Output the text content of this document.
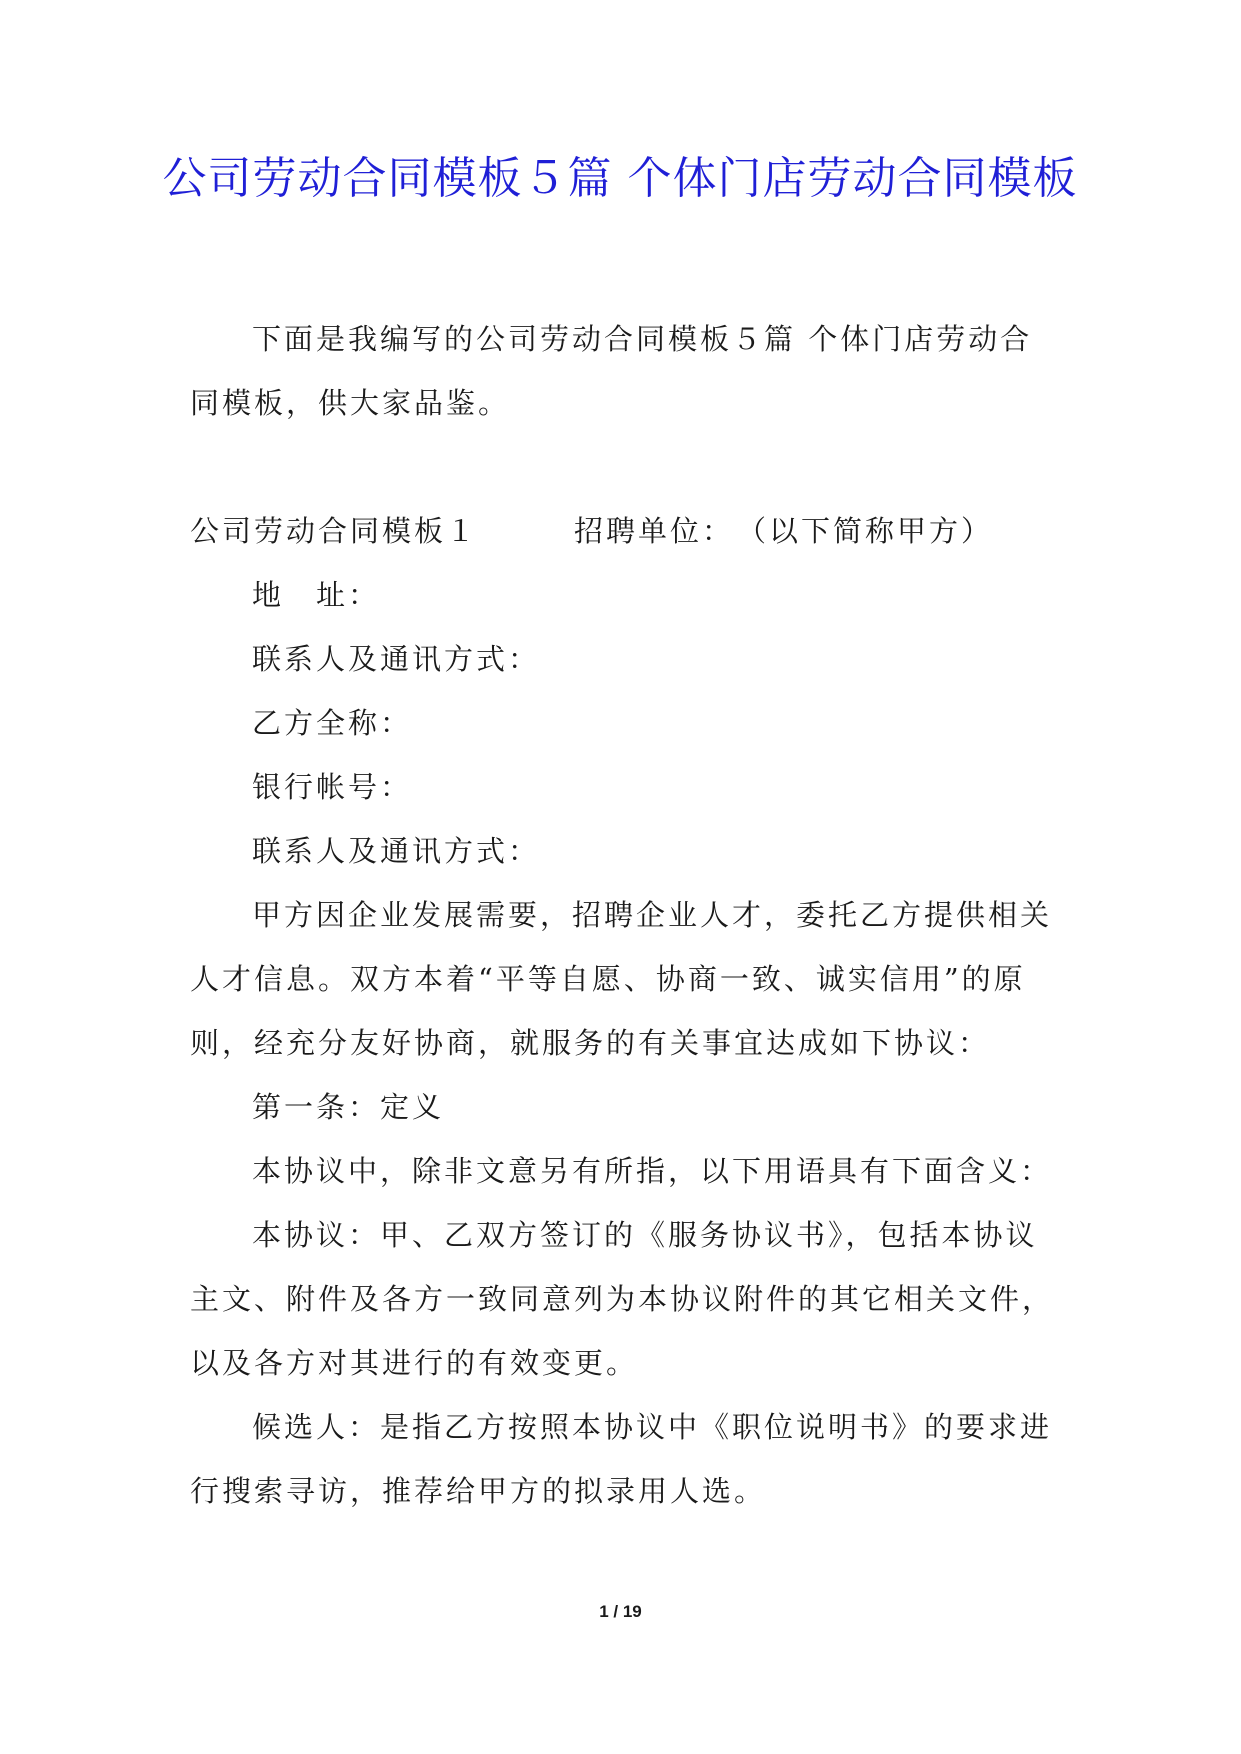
公司劳动合同模板５篇 个体门店劳动合同模板

下面是我编写的公司劳动合同模板５篇 个体门店劳动合同模板，供大家品鉴。

公司劳动合同模板１　　　招聘单位：　（以下简称甲方）

地　址：

联系人及通讯方式：

乙方全称：

银行帐号：

联系人及通讯方式：

甲方因企业发展需要，招聘企业人才，委托乙方提供相关人才信息。双方本着“平等自愿、协商一致、诚实信用”的原则，经充分友好协商，就服务的有关事宜达成如下协议：

第一条：定义

本协议中，除非文意另有所指，以下用语具有下面含义：

本协议：甲、乙双方签订的《服务协议书》，包括本协议主文、附件及各方一致同意列为本协议附件的其它相关文件，以及各方对其进行的有效变更。

候选人：是指乙方按照本协议中《职位说明书》的要求进行搜索寻访，推荐给甲方的拟录用人选。

1 / 19
